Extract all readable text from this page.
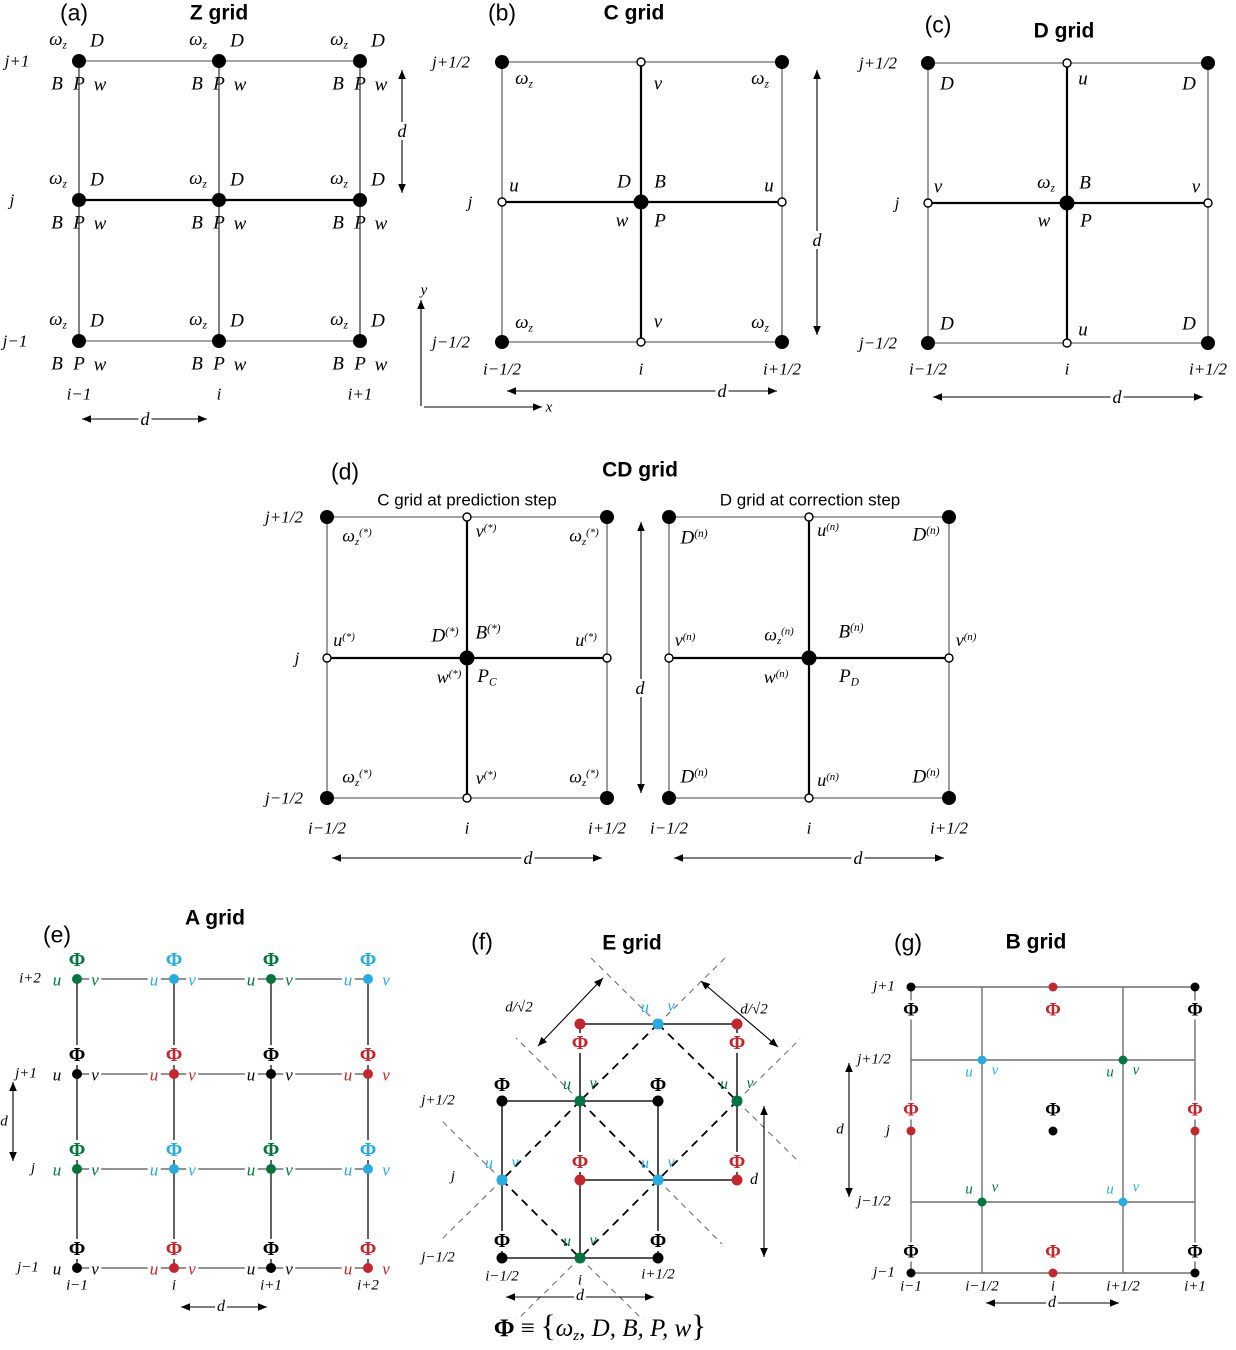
ωz D
B P w
ωz D
B P w
ωz D
B P w
ωz D
B P w
ωz D
B P w
ωz D
B P w
ωz D
B P w
ωz D
B P w
ωz D
B P w
Φ
u v
Φ
u v
Φ
u v
Φ
u v
Φ
u v
Φ
u v
Φ
u v
Φ
u v
Φ
u v
Φ
u v
Φ
u v
Φ
u v
Φ
u v
Φ
u v
Φ
u v
Φ
u v
j+1
j
j−1
i−1	i	i+1
d
d
ωz	ωz
ωz	ωz
v
v
u	u
D B
w P
j+1/2
j
j−1/2
i−1/2	i	i+1/2
d
d
x
y
D	D
D	D
u
u
v	v
ωz B
w P
j+1/2
j
j−1/2
i−1/2	i	i+1/2
d
ωz(*)	ωz(*)
ωz(*)	ωz(*)
v(*)
v(*)
u(*)	u(*)
D(*) B(*)
w(*) PC
j+1/2
j
j−1/2
i−1/2	i	i+1/2
d
d
$D^{(n)}$	$D^{(n)}$
$D^{(n)}$	$D^{(n)}$
$u^{(n)}$
$u^{(n)}$
$v^{(n)}$	$v^{(n)}$
$\omega z^{(n)}$ $B^{(n)}$
$w^{(n)}$	PD
i−1/2	i	i+1/2
d
i+2
j+1
j
j−1
i−1	i	i+1	i+2
d
d
Φ	Φ
Φ	Φ
Φ	Φ
Φ	Φ
u v
u v	u v
u v	u v
u v
d/√2	d/√2
d
j+1/2
j
j−1/2
i−1/2	i	i+1/2
d
Φ	Φ	Φ
Φ	Φ	Φ
Φ	Φ	Φ
u v	u v
u v	u v
j+1
j+1/2
j
j−1/2
j−1
i−1	i−1/2	i	i+1/2	i+1
d
d
(a)	Z grid	(b)	C grid	(c)	D grid
(d)	CD grid
C grid at prediction step	D grid at correction step
(e)
A grid
(f)	E grid	(g)	B grid
Φ ≡ {ωz, D, B, P, w}
